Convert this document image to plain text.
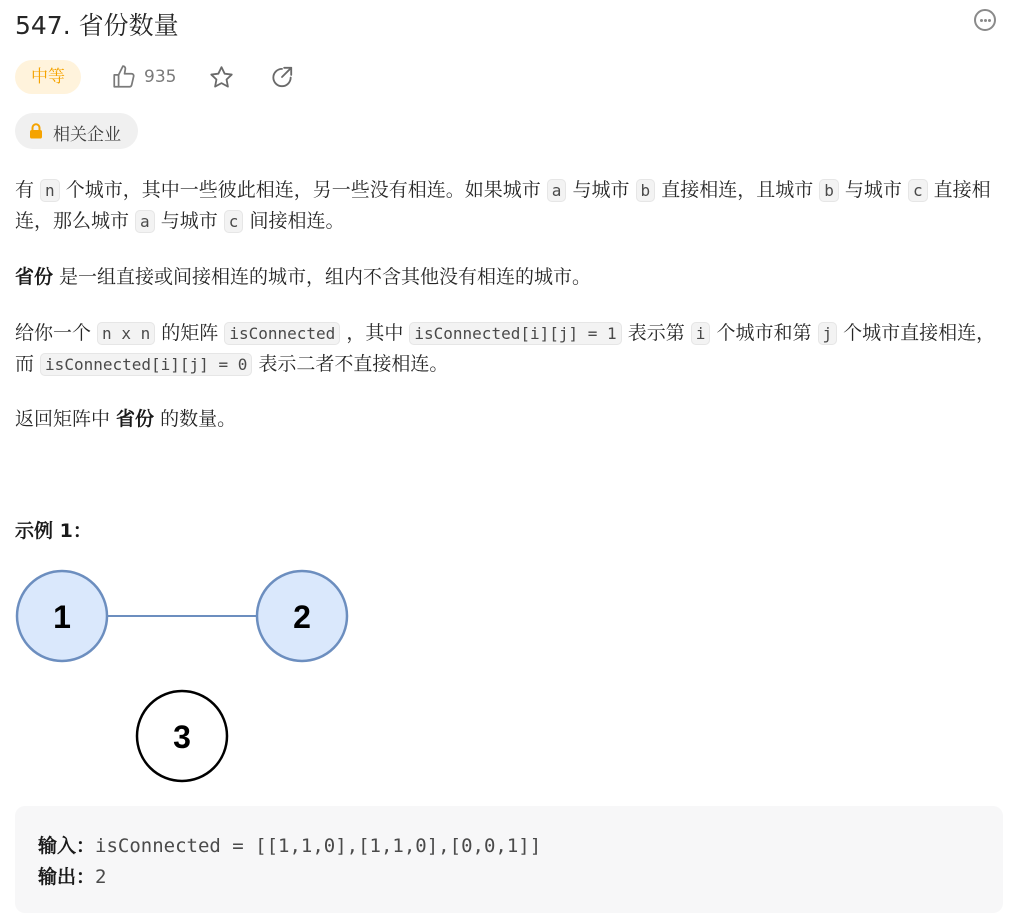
547. 省份数量
中等	935
相关企业
有 n 个城市，其中一些彼此相连，另一些没有相连。如果城市 a 与城市 b 直接相连，且城市 b 与城市 c 直接相连，那么城市 a 与城市 c 间接相连。
省份 是一组直接或间接相连的城市，组内不含其他没有相连的城市。
给你一个 n x n 的矩阵 isConnected ，其中 isConnected[i][j] = 1 表示第 i 个城市和第 j 个城市直接相连，而 isConnected[i][j] = 0 表示二者不直接相连。
返回矩阵中 省份 的数量。
示例 1：
1	2
3
输入：isConnected = [[1,1,0],[1,1,0],[0,0,1]]
输出：2
